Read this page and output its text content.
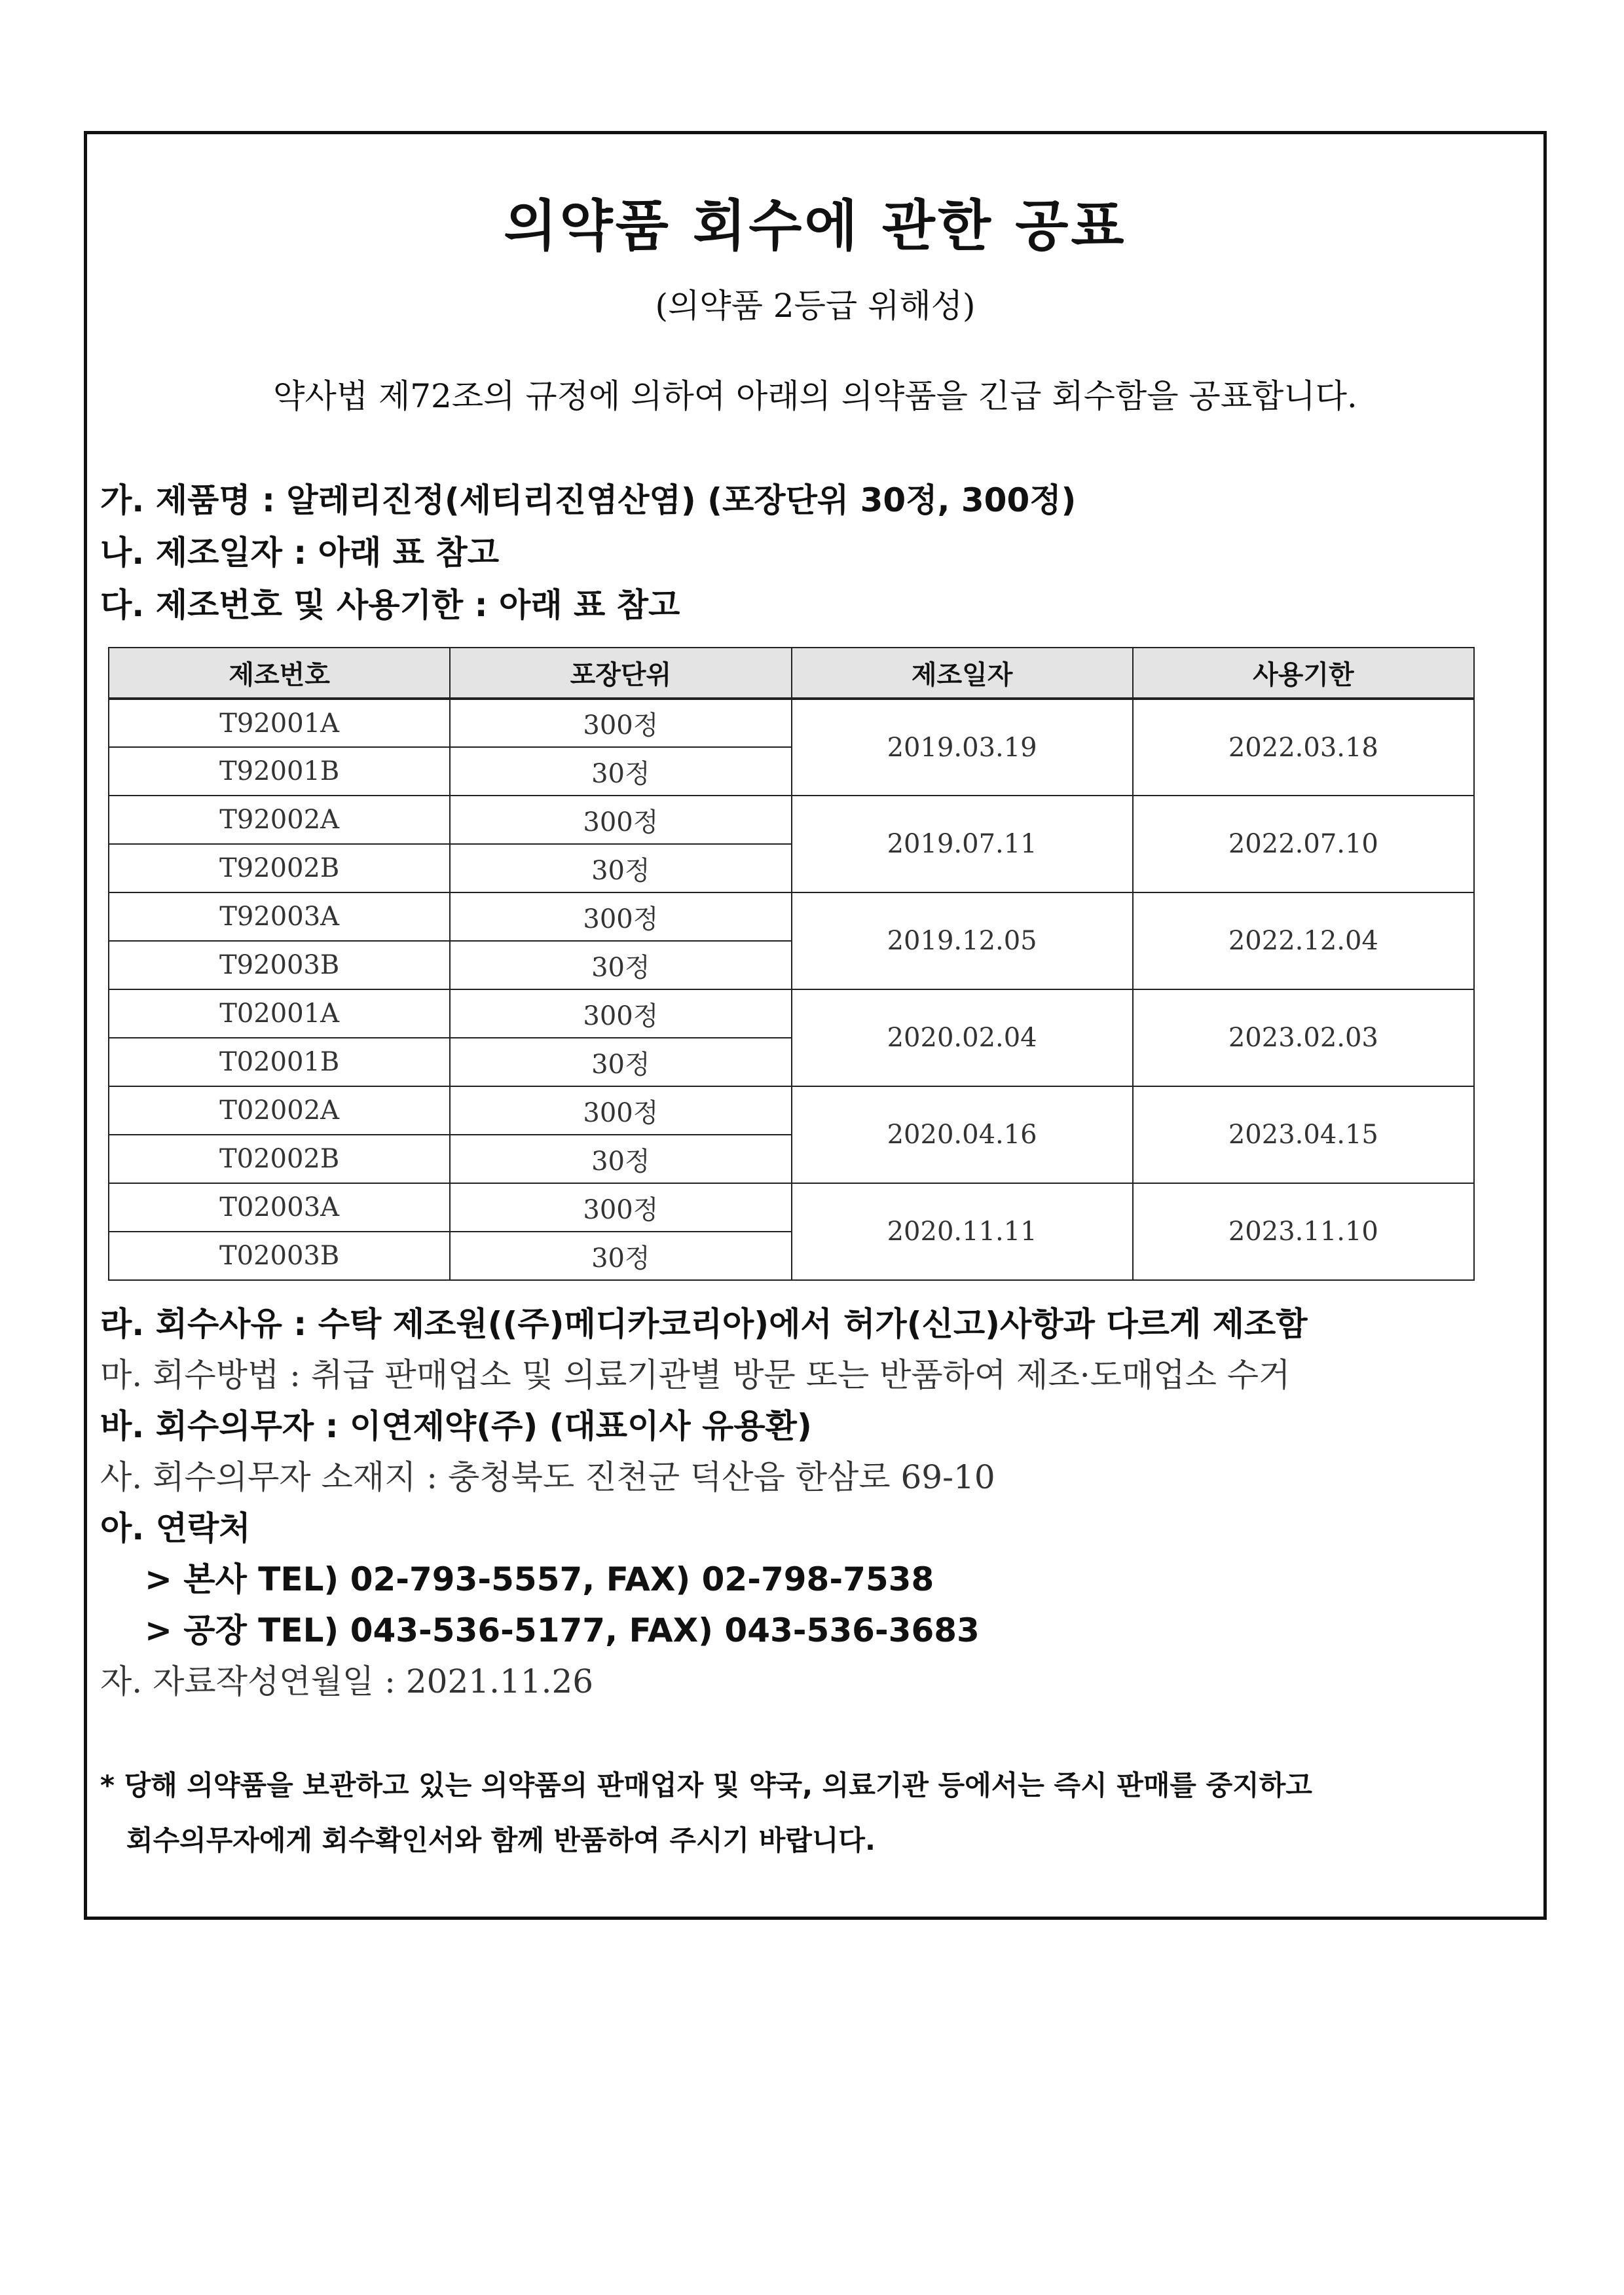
의약품 회수에 관한 공표
(의약품 2등급 위해성)
약사법 제72조의 규정에 의하여 아래의 의약품을 긴급 회수함을 공표합니다.
가. 제품명 : 알레리진정(세티리진염산염) (포장단위 30정, 300정)
나. 제조일자 : 아래 표 참고
다. 제조번호 및 사용기한 : 아래 표 참고
제조번호	포장단위	제조일자	사용기한
T92001A	300정	2019.03.19	2022.03.18
T92001B	30정		
T92002A	300정	2019.07.11	2022.07.10
T92002B	30정		
T92003A	300정	2019.12.05	2022.12.04
T92003B	30정		
T02001A	300정	2020.02.04	2023.02.03
T02001B	30정		
T02002A	300정	2020.04.16	2023.04.15
T02002B	30정		
T02003A	300정	2020.11.11	2023.11.10
T02003B	30정		
라. 회수사유 : 수탁 제조원((주)메디카코리아)에서 허가(신고)사항과 다르게 제조함
마. 회수방법 : 취급 판매업소 및 의료기관별 방문 또는 반품하여 제조·도매업소 수거
바. 회수의무자 : 이연제약(주) (대표이사 유용환)
사. 회수의무자 소재지 : 충청북도 진천군 덕산읍 한삼로 69-10
아. 연락처
> 본사 TEL) 02-793-5557, FAX) 02-798-7538
> 공장 TEL) 043-536-5177, FAX) 043-536-3683
자. 자료작성연월일 : 2021.11.26
* 당해 의약품을 보관하고 있는 의약품의 판매업자 및 약국, 의료기관 등에서는 즉시 판매를 중지하고
회수의무자에게 회수확인서와 함께 반품하여 주시기 바랍니다.
